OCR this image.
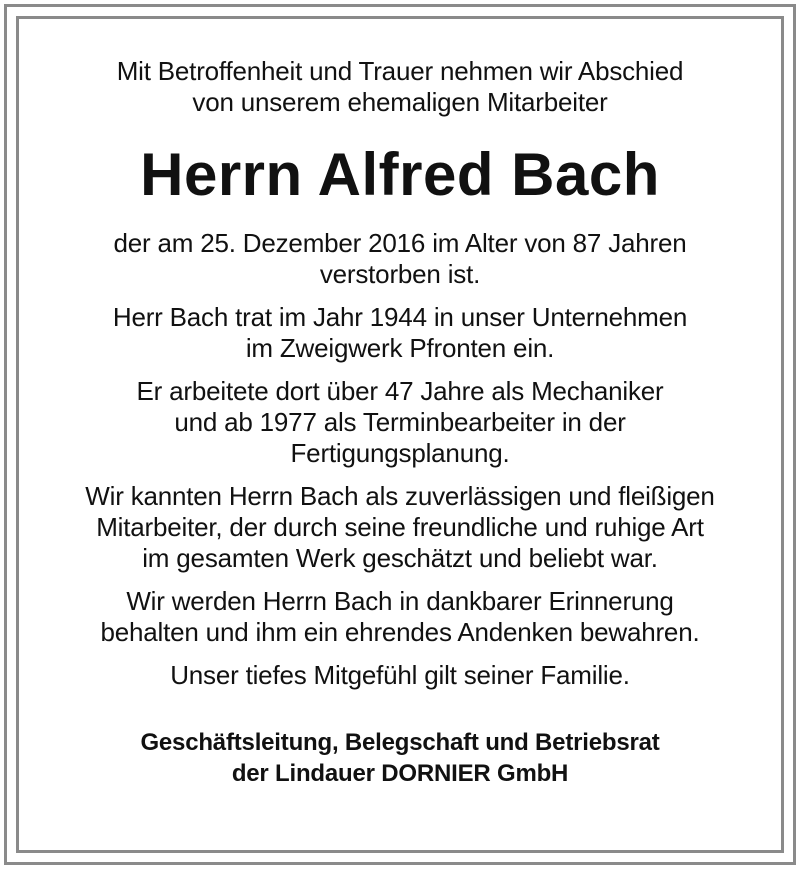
Mit Betroffenheit und Trauer nehmen wir Abschied
von unserem ehemaligen Mitarbeiter
Herrn Alfred Bach
der am 25. Dezember 2016 im Alter von 87 Jahren
verstorben ist.
Herr Bach trat im Jahr 1944 in unser Unternehmen
im Zweigwerk Pfronten ein.
Er arbeitete dort über 47 Jahre als Mechaniker
und ab 1977 als Terminbearbeiter in der
Fertigungsplanung.
Wir kannten Herrn Bach als zuverlässigen und fleißigen
Mitarbeiter, der durch seine freundliche und ruhige Art
im gesamten Werk geschätzt und beliebt war.
Wir werden Herrn Bach in dankbarer Erinnerung
behalten und ihm ein ehrendes Andenken bewahren.
Unser tiefes Mitgefühl gilt seiner Familie.
Geschäftsleitung, Belegschaft und Betriebsrat
der Lindauer DORNIER GmbH
